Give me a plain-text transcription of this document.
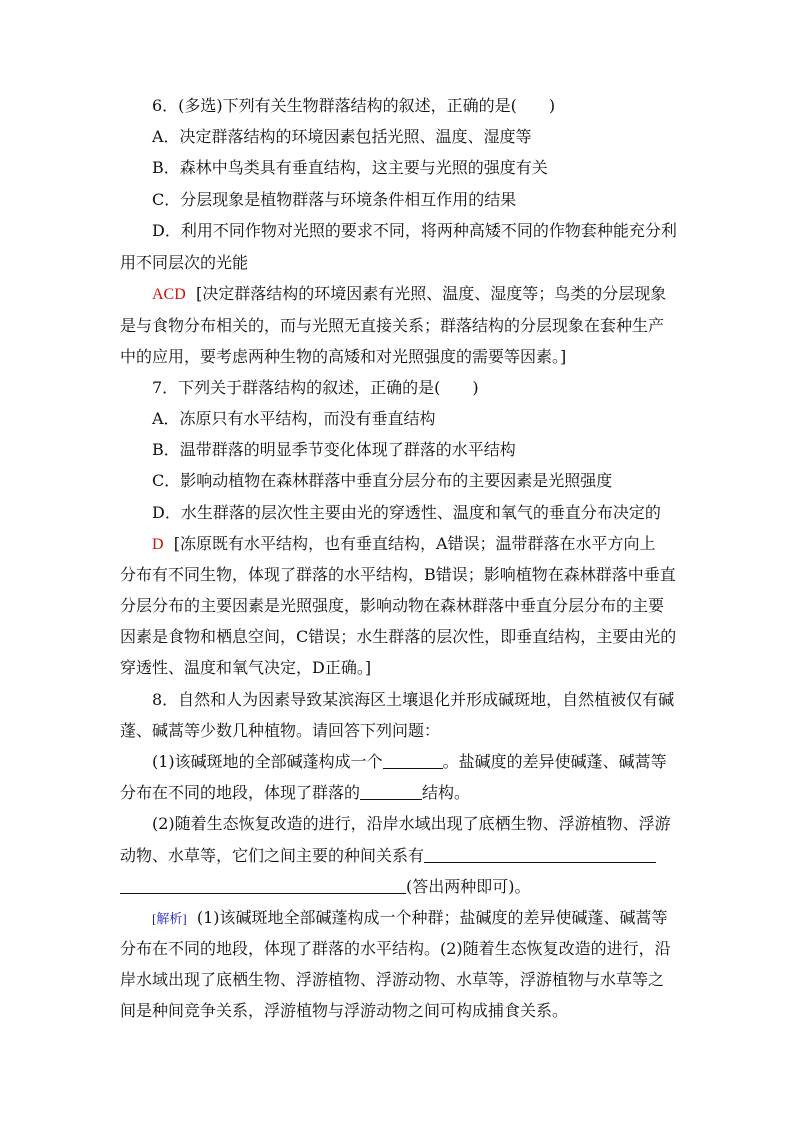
6．(多选)下列有关生物群落结构的叙述，正确的是(　　)
A．决定群落结构的环境因素包括光照、温度、湿度等
B．森林中鸟类具有垂直结构，这主要与光照的强度有关
C．分层现象是植物群落与环境条件相互作用的结果
D．利用不同作物对光照的要求不同，将两种高矮不同的作物套种能充分利
用不同层次的光能
ACD [决定群落结构的环境因素有光照、温度、湿度等；鸟类的分层现象
是与食物分布相关的，而与光照无直接关系；群落结构的分层现象在套种生产
中的应用，要考虑两种生物的高矮和对光照强度的需要等因素。]
7．下列关于群落结构的叙述，正确的是(　　)
A．冻原只有水平结构，而没有垂直结构
B．温带群落的明显季节变化体现了群落的水平结构
C．影响动植物在森林群落中垂直分层分布的主要因素是光照强度
D．水生群落的层次性主要由光的穿透性、温度和氧气的垂直分布决定的
D [冻原既有水平结构，也有垂直结构，A错误；温带群落在水平方向上
分布有不同生物，体现了群落的水平结构，B错误；影响植物在森林群落中垂直
分层分布的主要因素是光照强度，影响动物在森林群落中垂直分层分布的主要
因素是食物和栖息空间，C错误；水生群落的层次性，即垂直结构，主要由光的
穿透性、温度和氧气决定，D正确。]
8．自然和人为因素导致某滨海区土壤退化并形成碱斑地，自然植被仅有碱
蓬、碱蒿等少数几种植物。请回答下列问题：
(1)该碱斑地的全部碱蓬构成一个	。盐碱度的差异使碱蓬、碱蒿等
分布在不同的地段，体现了群落的	结构。
(2)随着生态恢复改造的进行，沿岸水域出现了底栖生物、浮游植物、浮游
动物、水草等，它们之间主要的种间关系有
(答出两种即可)。
[解析] (1)该碱斑地全部碱蓬构成一个种群；盐碱度的差异使碱蓬、碱蒿等
分布在不同的地段，体现了群落的水平结构。(2)随着生态恢复改造的进行，沿
岸水域出现了底栖生物、浮游植物、浮游动物、水草等，浮游植物与水草等之
间是种间竞争关系，浮游植物与浮游动物之间可构成捕食关系。
